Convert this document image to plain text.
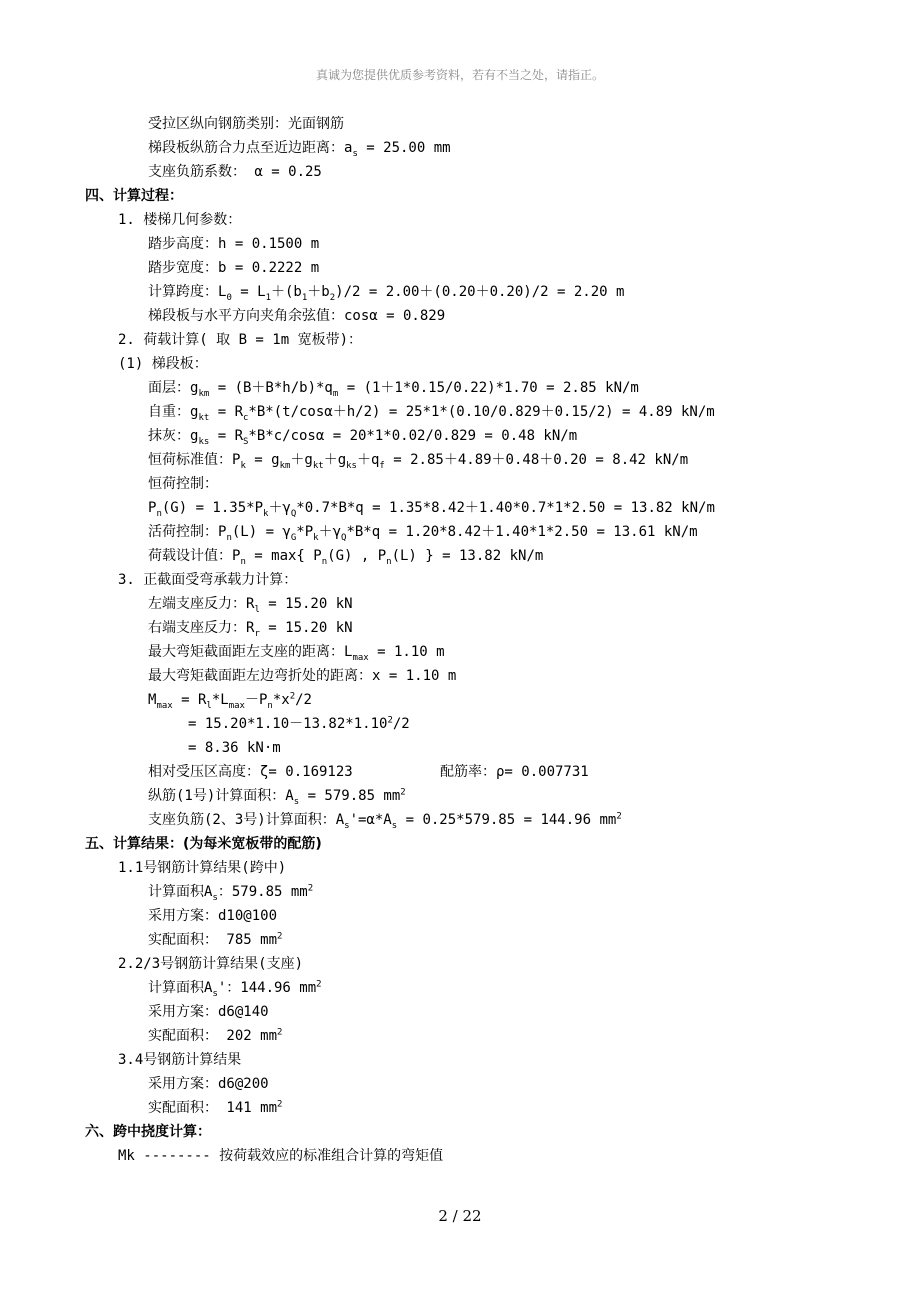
真诚为您提供优质参考资料，若有不当之处，请指正。
受拉区纵向钢筋类别：光面钢筋
梯段板纵筋合力点至近边距离：$a_s = 25.00$ mm
支座负筋系数： α = 0.25
四、计算过程：
1. 楼梯几何参数：
踏步高度：h = 0.1500 m
踏步宽度：b = 0.2222 m
计算跨度：$L_0 = L_1+(b_1+b_2)/2 = 2.00+(0.20+0.20)/2 = 2.20$ m
梯段板与水平方向夹角余弦值：cosα = 0.829
2. 荷载计算( 取 B = 1m 宽板带)：
(1) 梯段板：
面层：$g_{km} = (B+B*h/b)*q_m = (1+1*0.15/0.22)*1.70 = 2.85$ kN/m
自重：$g_{kt} = R_c*B*(t/\cos\alpha+h/2) = 25*1*(0.10/0.829+0.15/2) = 4.89$ kN/m
抹灰：$g_{ks} = R_S*B*c/\cos\alpha = 20*1*0.02/0.829 = 0.48$ kN/m
恒荷标准值：$P_k = g_{km}+g_{kt}+g_{ks}+q_f = 2.85+4.89+0.48+0.20 = 8.42$ kN/m
恒荷控制：
$P_n(G) = 1.35*P_k+\gamma_Q*0.7*B*q = 1.35*8.42+1.40*0.7*1*2.50 = 13.82$ kN/m
活荷控制：$P_n(L) = \gamma_G*P_k+\gamma_Q*B*q = 1.20*8.42+1.40*1*2.50 = 13.61$ kN/m
荷载设计值：$P_n = \max${ $P_n(G)$ , $P_n(L)$ } = 13.82 kN/m
3. 正截面受弯承载力计算：
左端支座反力：$R_l = 15.20$ kN
右端支座反力：$R_r = 15.20$ kN
最大弯矩截面距左支座的距离：$L_{max} = 1.10$ m
最大弯矩截面距左边弯折处的距离：x = 1.10 m
$M_{max} = R_l*L_{max}-P_n*x^2/2$
= $15.20*1.10-13.82*1.10^2/2$
= 8.36 kN·m
相对受压区高度：ζ= 0.169123	配筋率：ρ= 0.007731
纵筋(1号)计算面积：$A_s = 579.85$ $mm^2$
支座负筋(2、3号)计算面积：$A_s'=\alpha*A_s = 0.25*579.85 = 144.96$ $mm^2$
五、计算结果：(为每米宽板带的配筋)
1.1号钢筋计算结果(跨中)
计算面积$A_s$：579.85 $mm^2$
采用方案：d10@100
实配面积： 785 $mm^2$
2.2/3号钢筋计算结果(支座)
计算面积$A_s'$：144.96 $mm^2$
采用方案：d6@140
实配面积： 202 $mm^2$
3.4号钢筋计算结果
采用方案：d6@200
实配面积： 141 $mm^2$
六、跨中挠度计算：
Mk -------- 按荷载效应的标准组合计算的弯矩值
2 / 22
